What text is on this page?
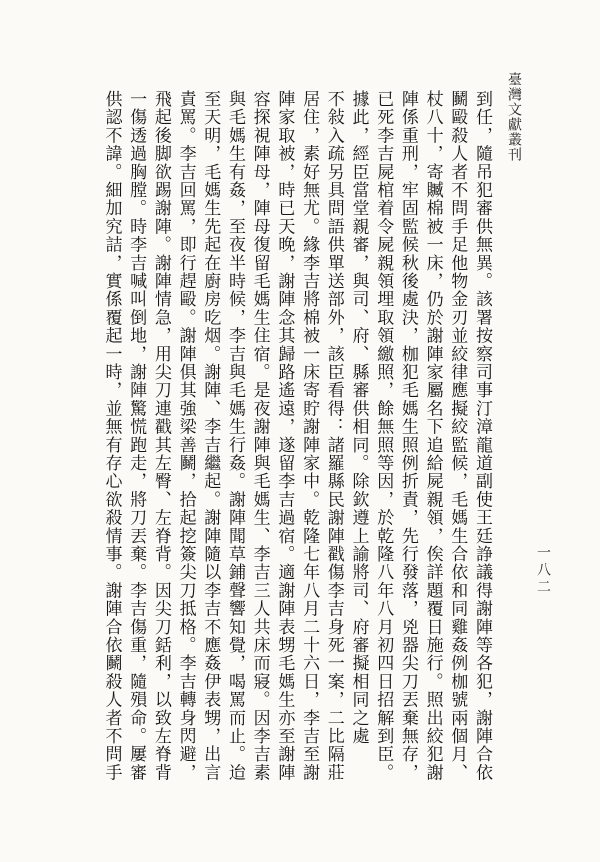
臺灣文獻叢刊
一八二
到任，隨吊犯審供無異。該署按察司事汀漳龍道副使王廷諍議得謝陣等各犯，謝陣合依
鬭毆殺人者不問手足他物金刃並絞律應擬絞監候，毛媽生合依和同雞姦例枷號兩個月、
杖八十，寄贓棉被一床，仍於謝陣家屬名下追給屍親領，俟詳題覆日施行。照出絞犯謝
陣係重刑，牢固監候秋後處決，枷犯毛媽生照例折責，先行發落，兇器尖刀丟棄無存，
已死李吉屍棺着令屍親領埋取領繳照，餘無照等因，於乾隆八年八月初四日招解到臣。
據此，經臣當堂親審，與司、府、縣審供相同。除欽遵上諭將司、府審擬相同之處
不敍入疏另具問語供單送部外，該臣看得：諸羅縣民謝陣戳傷李吉身死一案，二比隔莊
居住，素好無尤。緣李吉將棉被一床寄貯謝陣家中。乾隆七年八月二十六日，李吉至謝
陣家取被，時已天晚，謝陣念其歸路遙遠，遂留李吉過宿。適謝陣表甥毛媽生亦至謝陣
容探視陣母，陣母復留毛媽生住宿。是夜謝陣與毛媽生、李吉三人共床而寢。因李吉素
與毛媽生有姦，至夜半時候，李吉與毛媽生行姦。謝陣聞草鋪聲響知覺，喝罵而止。迨
至天明，毛媽生先起在廚房吃烟。謝陣、李吉繼起。謝陣隨以李吉不應姦伊表甥，出言
責罵。李吉回罵，即行趕毆。謝陣俱其強梁善鬭，拾起挖簽尖刀抵格。李吉轉身閃避，
飛起後脚欲踢謝陣。謝陣情急，用尖刀連戳其左臀、左脊背。因尖刀銛利，以致左脊背
一傷透過胸膛。時李吉喊叫倒地，謝陣驚慌跑走，將刀丟棄。李吉傷重，隨殞命。屢審
供認不諱。細加究詰，實係覆起一時，並無有存心欲殺情事。謝陣合依鬭殺人者不問手
